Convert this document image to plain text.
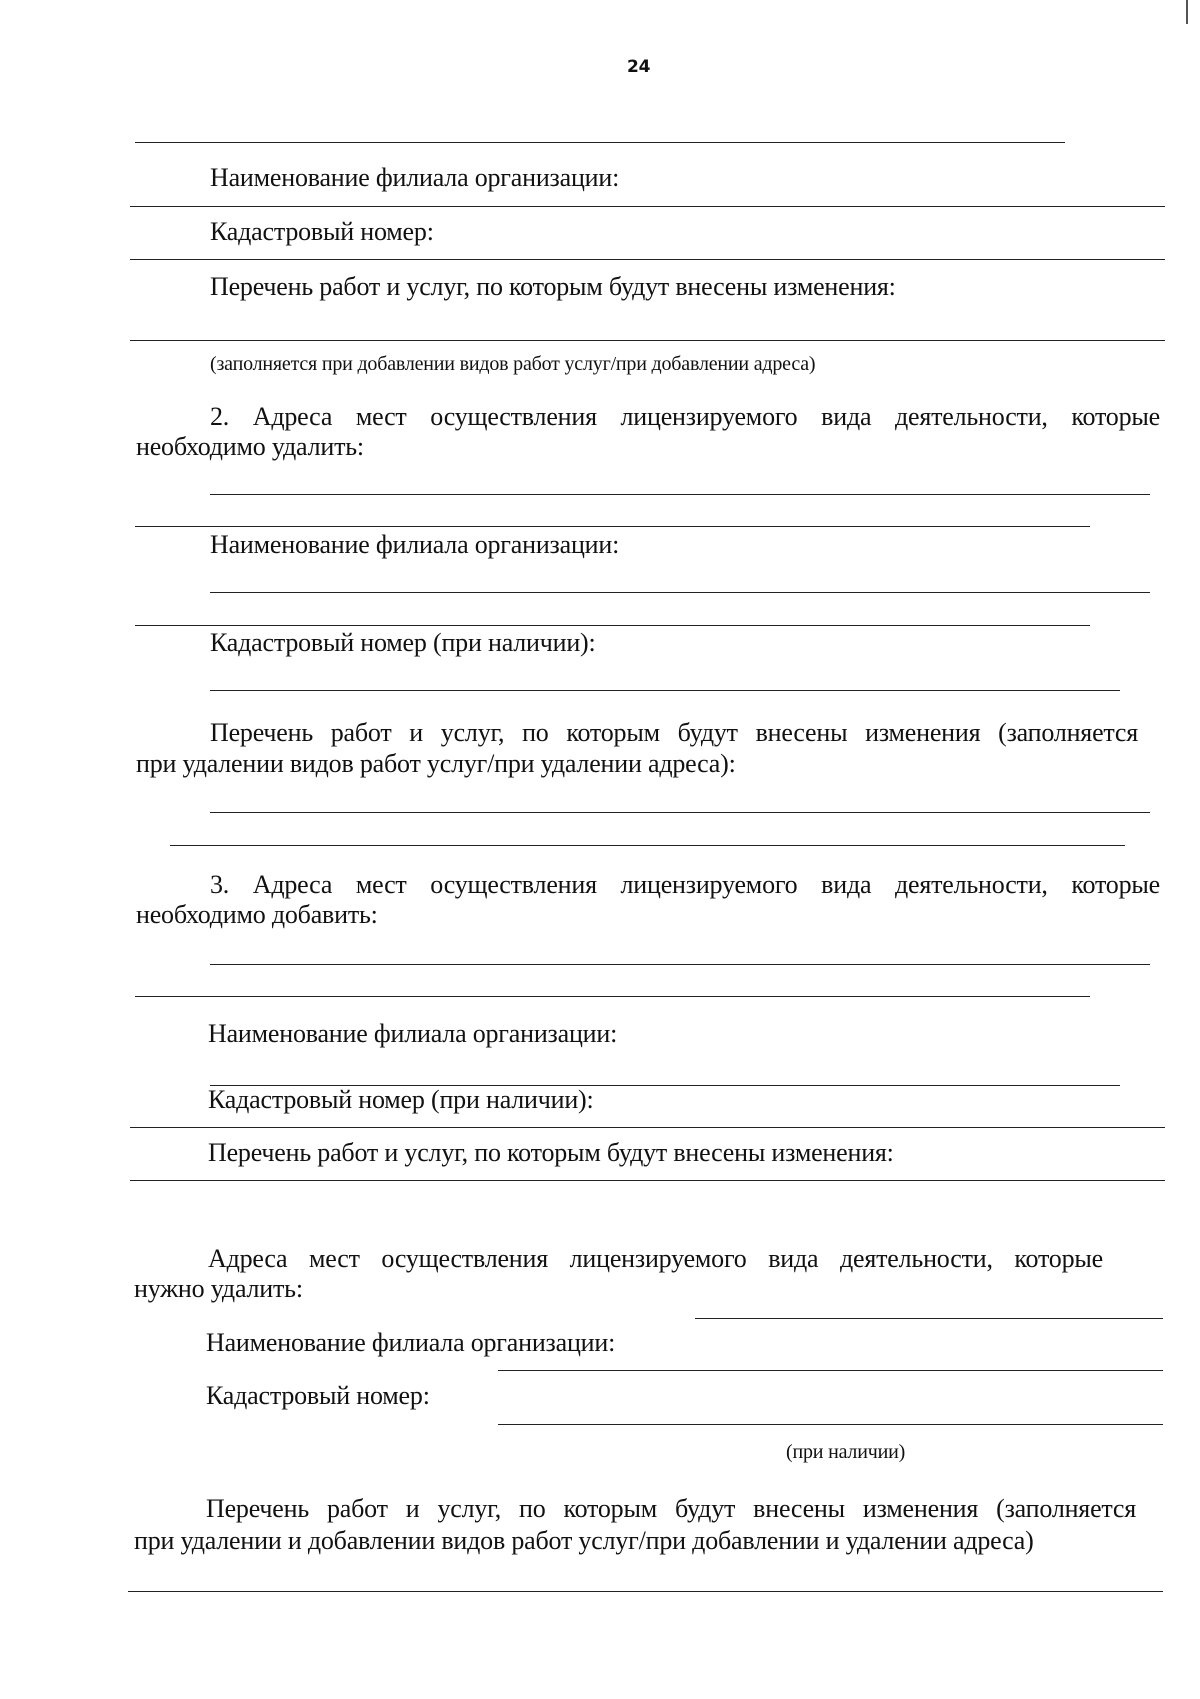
24
Наименование филиала организации:
Кадастровый номер:
Перечень работ и услуг, по которым будут внесены изменения:
(заполняется при добавлении видов работ услуг/при добавлении адреса)
2. Адреса мест осуществления лицензируемого вида деятельности, которые
необходимо удалить:
Наименование филиала организации:
Кадастровый номер (при наличии):
Перечень работ и услуг, по которым будут внесены изменения (заполняется
при удалении видов работ услуг/при удалении адреса):
3. Адреса мест осуществления лицензируемого вида деятельности, которые
необходимо добавить:
Наименование филиала организации:
Кадастровый номер (при наличии):
Перечень работ и услуг, по которым будут внесены изменения:
Адреса мест осуществления лицензируемого вида деятельности, которые
нужно удалить:
Наименование филиала организации:
Кадастровый номер:
(при наличии)
Перечень работ и услуг, по которым будут внесены изменения (заполняется
при удалении и добавлении видов работ услуг/при добавлении и удалении адреса)
